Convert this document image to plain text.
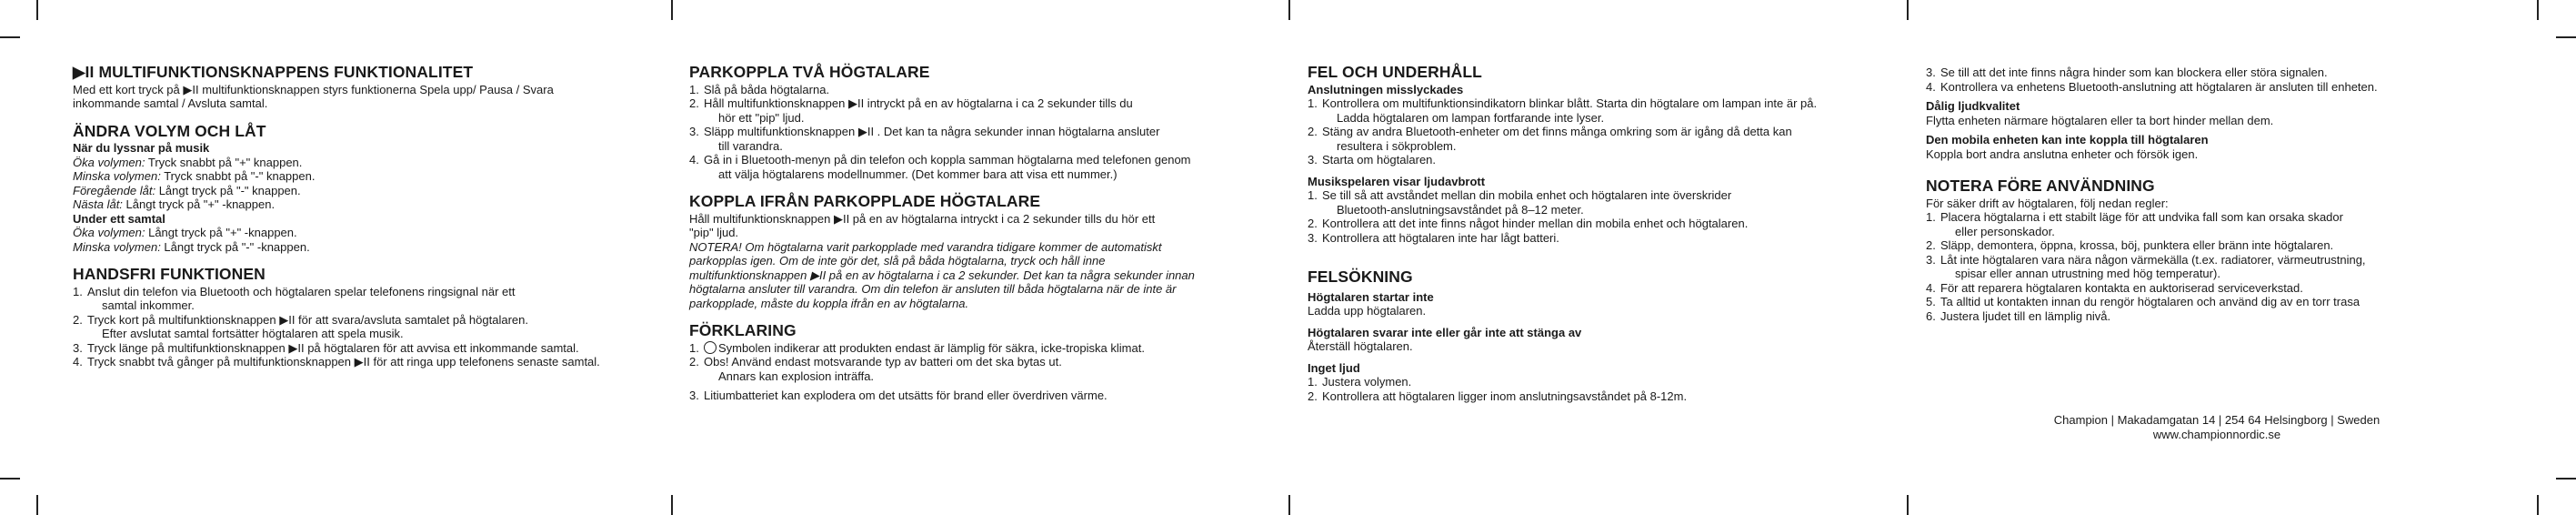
▶II MULTIFUNKTIONSKNAPPENS FUNKTIONALITET

Med ett kort tryck på ▶II multifunktionsknappen styrs funktionerna Spela upp/ Pausa / Svara

inkommande samtal / Avsluta samtal.

ÄNDRA VOLYM OCH LÅT
När du lyssnar på musik

Öka volymen: Tryck snabbt på "+" knappen.

Minska volymen: Tryck snabbt på "-" knappen.

Föregående låt: Långt tryck på "-" knappen.

Nästa låt: Långt tryck på "+" -knappen.

Under ett samtal

Öka volymen: Långt tryck på "+" -knappen.

Minska volymen: Långt tryck på "-" -knappen.

HANDSFRI FUNKTIONEN
1. Anslut din telefon via Bluetooth och högtalaren spelar telefonens ringsignal när ett
samtal inkommer.
2. Tryck kort på multifunktionsknappen ▶II för att svara/avsluta samtalet på högtalaren.
Efter avslutat samtal fortsätter högtalaren att spela musik.
3. Tryck länge på multifunktionsknappen ▶II på högtalaren för att avvisa ett inkommande samtal.
4. Tryck snabbt två gånger på multifunktionsknappen ▶II för att ringa upp telefonens senaste samtal.
PARKOPPLA TVÅ HÖGTALARE
1. Slå på båda högtalarna.
2. Håll multifunktionsknappen ▶II intryckt på en av högtalarna i ca 2 sekunder tills du
hör ett "pip" ljud.
3. Släpp multifunktionsknappen ▶II . Det kan ta några sekunder innan högtalarna ansluter
till varandra.
4. Gå in i Bluetooth-menyn på din telefon och koppla samman högtalarna med telefonen genom
att välja högtalarens modellnummer. (Det kommer bara att visa ett nummer.)
KOPPLA IFRÅN PARKOPPLADE HÖGTALARE

Håll multifunktionsknappen ▶II på en av högtalarna intryckt i ca 2 sekunder tills du hör ett

"pip" ljud.

NOTERA! Om högtalarna varit parkopplade med varandra tidigare kommer de automatiskt

parkopplas igen. Om de inte gör det, slå på båda högtalarna, tryck och håll inne

multifunktionsknappen ▶II på en av högtalarna i ca 2 sekunder. Det kan ta några sekunder innan

högtalarna ansluter till varandra. Om din telefon är ansluten till båda högtalarna när de inte är

parkopplade, måste du koppla ifrån en av högtalarna.

FÖRKLARING
1. Symbolen indikerar att produkten endast är lämplig för säkra, icke-tropiska klimat.
2. Obs! Använd endast motsvarande typ av batteri om det ska bytas ut.
Annars kan explosion inträffa.
3. Litiumbatteriet kan explodera om det utsätts för brand eller överdriven värme.
FEL OCH UNDERHÅLL
Anslutningen misslyckades
1. Kontrollera om multifunktionsindikatorn blinkar blått. Starta din högtalare om lampan inte är på.
Ladda högtalaren om lampan fortfarande inte lyser.
2. Stäng av andra Bluetooth-enheter om det finns många omkring som är igång då detta kan
resultera i sökproblem.
3. Starta om högtalaren.
Musikspelaren visar ljudavbrott
1. Se till så att avståndet mellan din mobila enhet och högtalaren inte överskrider
Bluetooth-anslutningsavståndet på 8–12 meter.
2. Kontrollera att det inte finns något hinder mellan din mobila enhet och högtalaren.
3. Kontrollera att högtalaren inte har lågt batteri.
FELSÖKNING
Högtalaren startar inte

Ladda upp högtalaren.

Högtalaren svarar inte eller går inte att stänga av

Återställ högtalaren.

Inget ljud
1. Justera volymen.
2. Kontrollera att högtalaren ligger inom anslutningsavståndet på 8-12m.
3. Se till att det inte finns några hinder som kan blockera eller störa signalen.
4. Kontrollera va enhetens Bluetooth-anslutning att högtalaren är ansluten till enheten.
Dålig ljudkvalitet

Flytta enheten närmare högtalaren eller ta bort hinder mellan dem.

Den mobila enheten kan inte koppla till högtalaren

Koppla bort andra anslutna enheter och försök igen.

NOTERA FÖRE ANVÄNDNING

För säker drift av högtalaren, följ nedan regler:

1. Placera högtalarna i ett stabilt läge för att undvika fall som kan orsaka skador
eller personskador.
2. Släpp, demontera, öppna, krossa, böj, punktera eller bränn inte högtalaren.
3. Låt inte högtalaren vara nära någon värmekälla (t.ex. radiatorer, värmeutrustning,
spisar eller annan utrustning med hög temperatur).
4. För att reparera högtalaren kontakta en auktoriserad serviceverkstad.
5. Ta alltid ut kontakten innan du rengör högtalaren och använd dig av en torr trasa
6. Justera ljudet till en lämplig nivå.

Champion | Makadamgatan 14 | 254 64 Helsingborg | Sweden

www.championnordic.se
